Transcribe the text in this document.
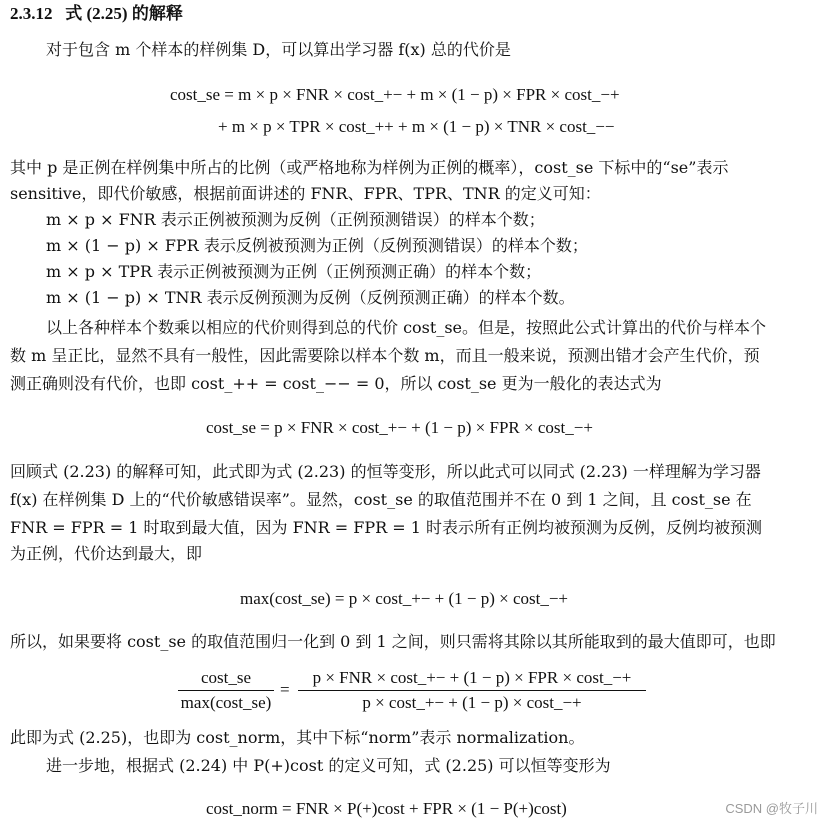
2.3.12 式 (2.25) 的解释
对于包含 m 个样本的样例集 D，可以算出学习器 f(x) 总的代价是
cost_se = m × p × FNR × cost_+− + m × (1 − p) × FPR × cost_−+
+ m × p × TPR × cost_++ + m × (1 − p) × TNR × cost_−−
其中 p 是正例在样例集中所占的比例（或严格地称为样例为正例的概率），cost_se 下标中的“se”表示
sensitive，即代价敏感，根据前面讲述的 FNR、FPR、TPR、TNR 的定义可知：
m × p × FNR 表示正例被预测为反例（正例预测错误）的样本个数；
m × (1 − p) × FPR 表示反例被预测为正例（反例预测错误）的样本个数；
m × p × TPR 表示正例被预测为正例（正例预测正确）的样本个数；
m × (1 − p) × TNR 表示反例预测为反例（反例预测正确）的样本个数。
以上各种样本个数乘以相应的代价则得到总的代价 cost_se。但是，按照此公式计算出的代价与样本个
数 m 呈正比，显然不具有一般性，因此需要除以样本个数 m，而且一般来说，预测出错才会产生代价，预
测正确则没有代价，也即 cost_++ = cost_−− = 0，所以 cost_se 更为一般化的表达式为
cost_se = p × FNR × cost_+− + (1 − p) × FPR × cost_−+
回顾式 (2.23) 的解释可知，此式即为式 (2.23) 的恒等变形，所以此式可以同式 (2.23) 一样理解为学习器
f(x) 在样例集 D 上的“代价敏感错误率”。显然，cost_se 的取值范围并不在 0 到 1 之间，且 cost_se 在
FNR = FPR = 1 时取到最大值，因为 FNR = FPR = 1 时表示所有正例均被预测为反例，反例均被预测
为正例，代价达到最大，即
max(cost_se) = p × cost_+− + (1 − p) × cost_−+
所以，如果要将 cost_se 的取值范围归一化到 0 到 1 之间，则只需将其除以其所能取到的最大值即可，也即
cost_se
max(cost_se)
=
p × FNR × cost_+− + (1 − p) × FPR × cost_−+
p × cost_+− + (1 − p) × cost_−+
此即为式 (2.25)，也即为 cost_norm，其中下标“norm”表示 normalization。
进一步地，根据式 (2.24) 中 P(+)cost 的定义可知，式 (2.25) 可以恒等变形为
cost_norm = FNR × P(+)cost + FPR × (1 − P(+)cost)	CSDN @牧子川
